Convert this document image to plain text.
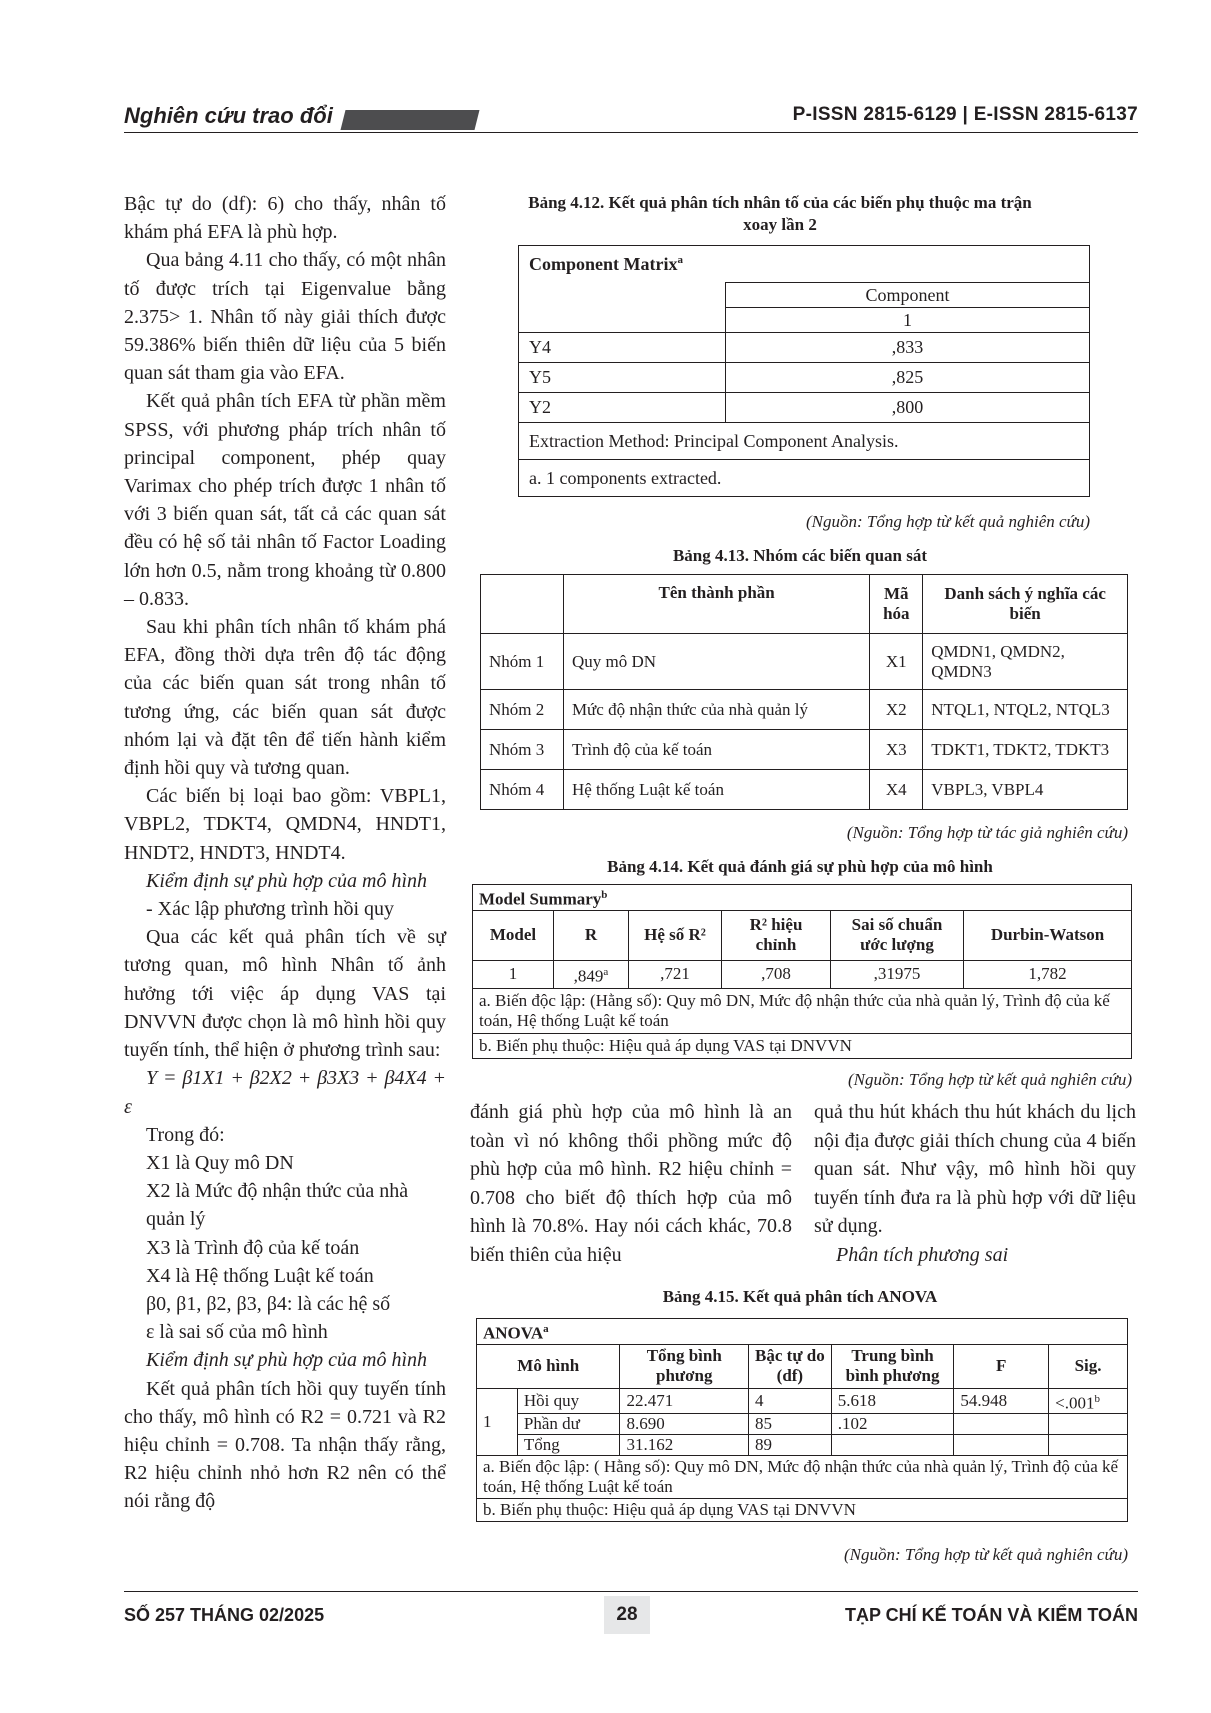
Nghiên cứu trao đổi	P-ISSN 2815-6129 | E-ISSN 2815-6137

Bậc tự do (df): 6) cho thấy, nhân tố khám phá EFA là phù hợp.

Qua bảng 4.11 cho thấy, có một nhân tố được trích tại Eigenvalue bằng 2.375> 1. Nhân tố này giải thích được 59.386% biến thiên dữ liệu của 5 biến quan sát tham gia vào EFA.

Kết quả phân tích EFA từ phần mềm SPSS, với phương pháp trích nhân tố principal component, phép quay Varimax cho phép trích được 1 nhân tố với 3 biến quan sát, tất cả các quan sát đều có hệ số tải nhân tố Factor Loading lớn hơn 0.5, nằm trong khoảng từ 0.800 – 0.833.

Sau khi phân tích nhân tố khám phá EFA, đồng thời dựa trên độ tác động của các biến quan sát trong nhân tố tương ứng, các biến quan sát được nhóm lại và đặt tên để tiến hành kiểm định hồi quy và tương quan.

Các biến bị loại bao gồm: VBPL1, VBPL2, TDKT4, QMDN4, HNDT1, HNDT2, HNDT3, HNDT4.

Kiểm định sự phù hợp của mô hình

- Xác lập phương trình hồi quy

Qua các kết quả phân tích về sự tương quan, mô hình Nhân tố ảnh hưởng tới việc áp dụng VAS tại DNVVN được chọn là mô hình hồi quy tuyến tính, thể hiện ở phương trình sau:

Y = β1X1 + β2X2 + β3X3 + β4X4 + ε

Trong đó:

X1 là Quy mô DN

X2 là Mức độ nhận thức của nhà quản lý

X3 là Trình độ của kế toán

X4 là Hệ thống Luật kế toán

β0, β1, β2, β3, β4: là các hệ số

ε là sai số của mô hình

Kiểm định sự phù hợp của mô hình

Kết quả phân tích hồi quy tuyến tính cho thấy, mô hình có R2 = 0.721 và R2 hiệu chỉnh = 0.708. Ta nhận thấy rằng, R2 hiệu chỉnh nhỏ hơn R2 nên có thể nói rằng độ

Bảng 4.12. Kết quả phân tích nhân tố của các biến phụ thuộc ma trận xoay lần 2
Component Matrix$^a$
	Component
	1
Y4	,833
Y5	,825
Y2	,800
Extraction Method: Principal Component Analysis.	
a. 1 components extracted.	
(Nguồn: Tổng hợp từ kết quả nghiên cứu)
Bảng 4.13. Nhóm các biến quan sát
	Tên thành phần	Mã hóa	Danh sách ý nghĩa các biến
Nhóm 1	Quy mô DN	X1	QMDN1, QMDN2, QMDN3
Nhóm 2	Mức độ nhận thức của nhà quản lý	X2	NTQL1, NTQL2, NTQL3
Nhóm 3	Trình độ của kế toán	X3	TDKT1, TDKT2, TDKT3
Nhóm 4	Hệ thống Luật kế toán	X4	VBPL3, VBPL4
(Nguồn: Tổng hợp từ tác giả nghiên cứu)
Bảng 4.14. Kết quả đánh giá sự phù hợp của mô hình
Model Summary$^b$
Model	R	Hệ số R²	R² hiệu chỉnh	Sai số chuẩn ước lượng	Durbin-Watson
1	,849$^a$	,721	,708	,31975	1,782
a. Biến độc lập: (Hằng số): Quy mô DN, Mức độ nhận thức của nhà quản lý, Trình độ của kế toán, Hệ thống Luật kế toán					
b. Biến phụ thuộc: Hiệu quả áp dụng VAS tại DNVVN					
(Nguồn: Tổng hợp từ kết quả nghiên cứu)
đánh giá phù hợp của mô hình là an toàn vì nó không thổi phồng mức độ phù hợp của mô hình. R2 hiệu chỉnh = 0.708 cho biết độ thích hợp của mô hình là 70.8%. Hay nói cách khác, 70.8 biến thiên của hiệu

quả thu hút khách thu hút khách du lịch nội địa được giải thích chung của 4 biến quan sát. Như vậy, mô hình hồi quy tuyến tính đưa ra là phù hợp với dữ liệu sử dụng.

Phân tích phương sai

Bảng 4.15. Kết quả phân tích ANOVA
ANOVA$^a$
Mô hình		Tổng bình phương	Bậc tự do (df)	Trung bình bình phương	F	Sig.
1	Hồi quy	22.471	4	5.618	54.948	<.001$^b$
	Phần dư	8.690	85	.102		
	Tổng	31.162	89			
a. Biến độc lập: ( Hằng số): Quy mô DN, Mức độ nhận thức của nhà quản lý, Trình độ của kế toán, Hệ thống Luật kế toán						
b. Biến phụ thuộc: Hiệu quả áp dụng VAS tại DNVVN						
(Nguồn: Tổng hợp từ kết quả nghiên cứu)
SỐ 257 THÁNG 02/2025	28	TẠP CHÍ KẾ TOÁN VÀ KIỂM TOÁN
